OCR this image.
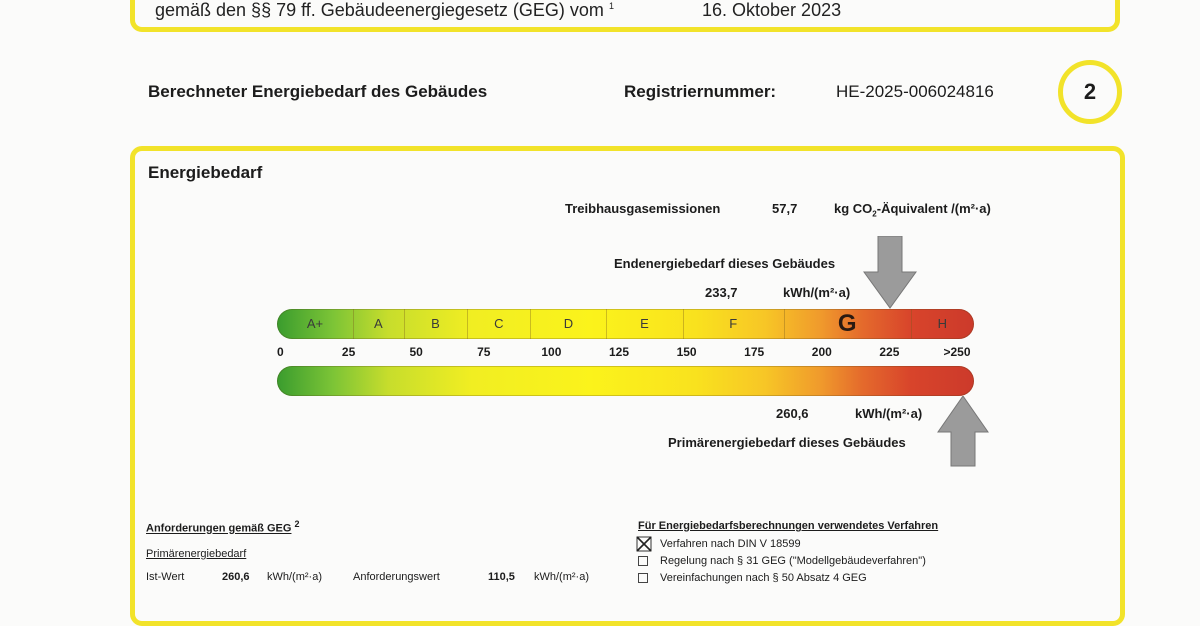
gemäß den §§ 79 ff. Gebäudeenergiegesetz (GEG) vom $^1$	16. Oktober 2023
Berechneter Energiebedarf des Gebäudes	Registriernummer:	HE-2025-006024816	2
Energiebedarf
Treibhausgasemissionen	57,7	kg $CO_2$-Äquivalent /(m²·a)
Endenergiebedarf dieses Gebäudes
233,7	kWh/(m²·a)
A+	A	B	C	D	E	F	G	H
0	25	50	75	100	125	150	175	200	225	>250
260,6	kWh/(m²·a)
Primärenergiebedarf dieses Gebäudes
Anforderungen gemäß GEG $^2$
Primärenergiebedarf
Ist-Wert	260,6 kWh/(m²·a)	Anforderungswert	110,5 kWh/(m²·a)
Für Energiebedarfsberechnungen verwendetes Verfahren
Verfahren nach DIN V 18599
Regelung nach § 31 GEG ("Modellgebäudeverfahren")
Vereinfachungen nach § 50 Absatz 4 GEG
